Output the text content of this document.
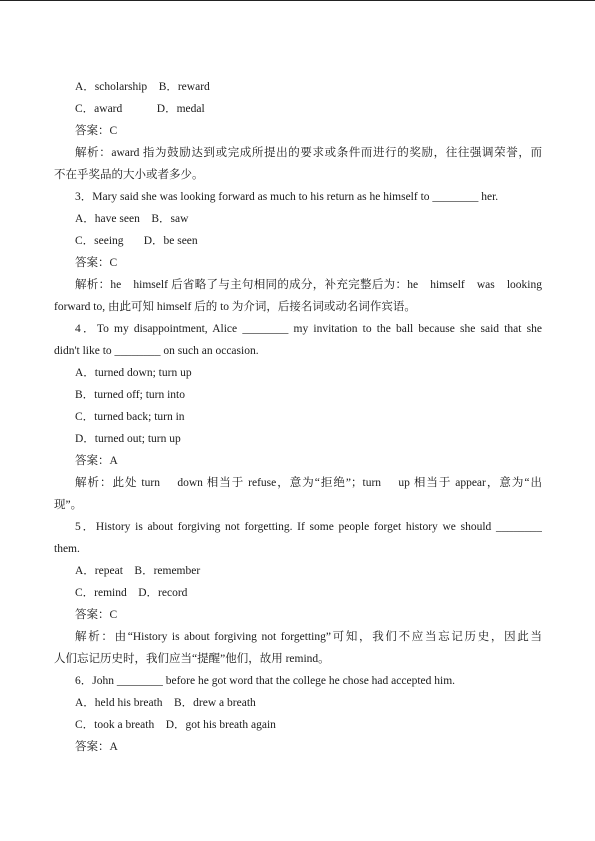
A．scholarship B．reward
C．award	D．medal
答案：C
解析：award 指为鼓励达到或完成所提出的要求或条件而进行的奖励，往往强调荣誉，而
不在乎奖品的大小或者多少。
3．Mary said she was looking forward as much to his return as he himself to ________ her.
A．have seen B．saw
C．seeing D．be seen
答案：C
解析：he　himself 后省略了与主句相同的成分，补充完整后为：he　himself　was　looking
forward to, 由此可知 himself 后的 to 为介词，后接名词或动名词作宾语。
4．To my disappointment, Alice ________ my invitation to the ball because she said that she
didn't like to ________ on such an occasion.
A．turned down; turn up
B．turned off; turn into
C．turned back; turn in
D．turned out; turn up
答案：A
解析：此处 turn　 down 相当于 refuse，意为“拒绝”；turn　 up 相当于 appear，意为“出
现”。
5．History is about forgiving not forgetting. If some people forget history we should ________
them.
A．repeat B．remember
C．remind D．record
答案：C
解析：由“History is about forgiving not forgetting”可知，我们不应当忘记历史，因此当
人们忘记历史时，我们应当“提醒”他们，故用 remind。
6．John ________ before he got word that the college he chose had accepted him.
A．held his breath B．drew a breath
C．took a breath D．got his breath again
答案：A
